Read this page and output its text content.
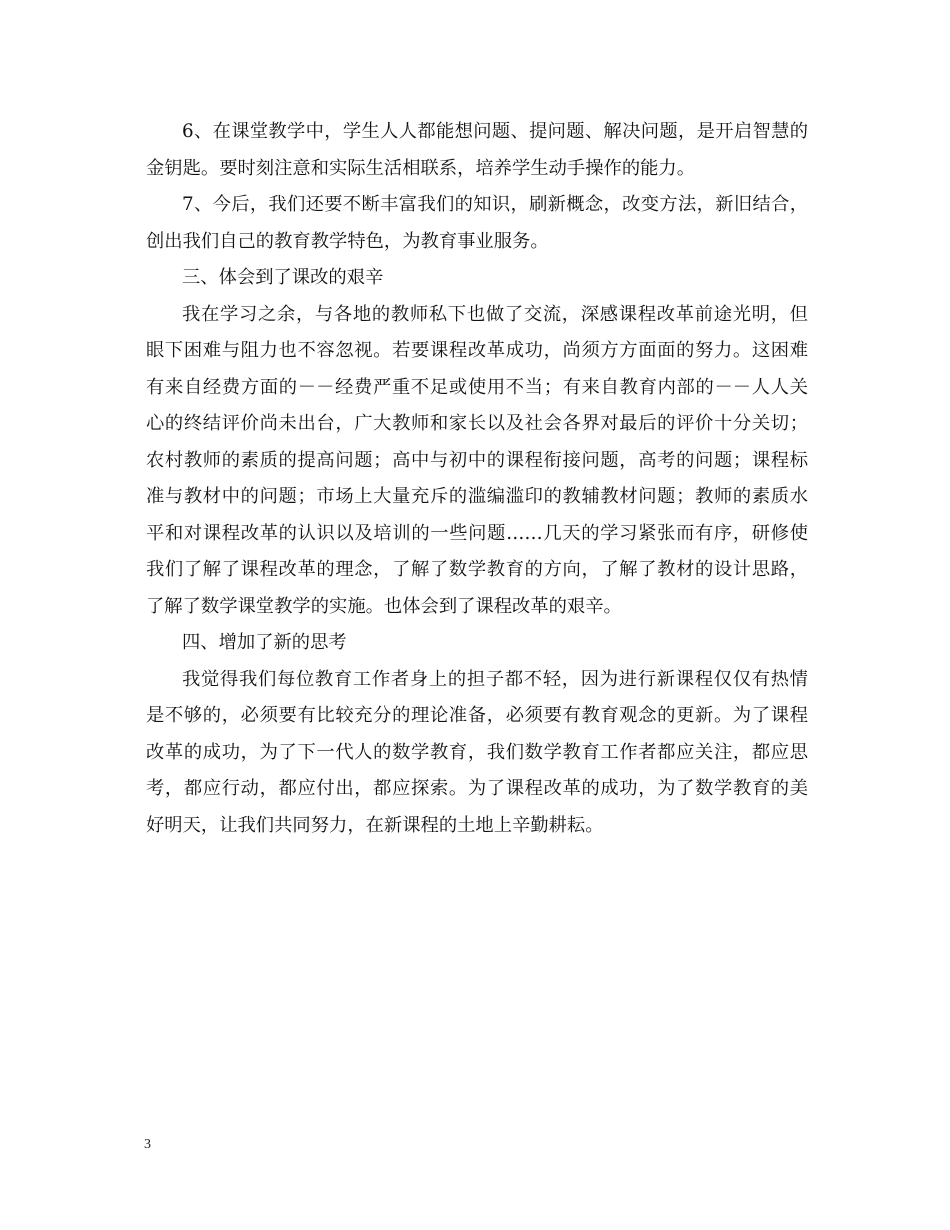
6、在课堂教学中，学生人人都能想问题、提问题、解决问题，是开启智慧的
金钥匙。要时刻注意和实际生活相联系，培养学生动手操作的能力。
7、今后，我们还要不断丰富我们的知识，刷新概念，改变方法，新旧结合，
创出我们自己的教育教学特色，为教育事业服务。
三、体会到了课改的艰辛
我在学习之余，与各地的教师私下也做了交流，深感课程改革前途光明，但
眼下困难与阻力也不容忽视。若要课程改革成功，尚须方方面面的努力。这困难
有来自经费方面的－－经费严重不足或使用不当；有来自教育内部的－－人人关
心的终结评价尚未出台，广大教师和家长以及社会各界对最后的评价十分关切；
农村教师的素质的提高问题；高中与初中的课程衔接问题，高考的问题；课程标
准与教材中的问题；市场上大量充斥的滥编滥印的教辅教材问题；教师的素质水
平和对课程改革的认识以及培训的一些问题……几天的学习紧张而有序，研修使
我们了解了课程改革的理念，了解了数学教育的方向，了解了教材的设计思路，
了解了数学课堂教学的实施。也体会到了课程改革的艰辛。
四、增加了新的思考
我觉得我们每位教育工作者身上的担子都不轻，因为进行新课程仅仅有热情
是不够的，必须要有比较充分的理论准备，必须要有教育观念的更新。为了课程
改革的成功，为了下一代人的数学教育，我们数学教育工作者都应关注，都应思
考，都应行动，都应付出，都应探索。为了课程改革的成功，为了数学教育的美
好明天，让我们共同努力，在新课程的土地上辛勤耕耘。
3
